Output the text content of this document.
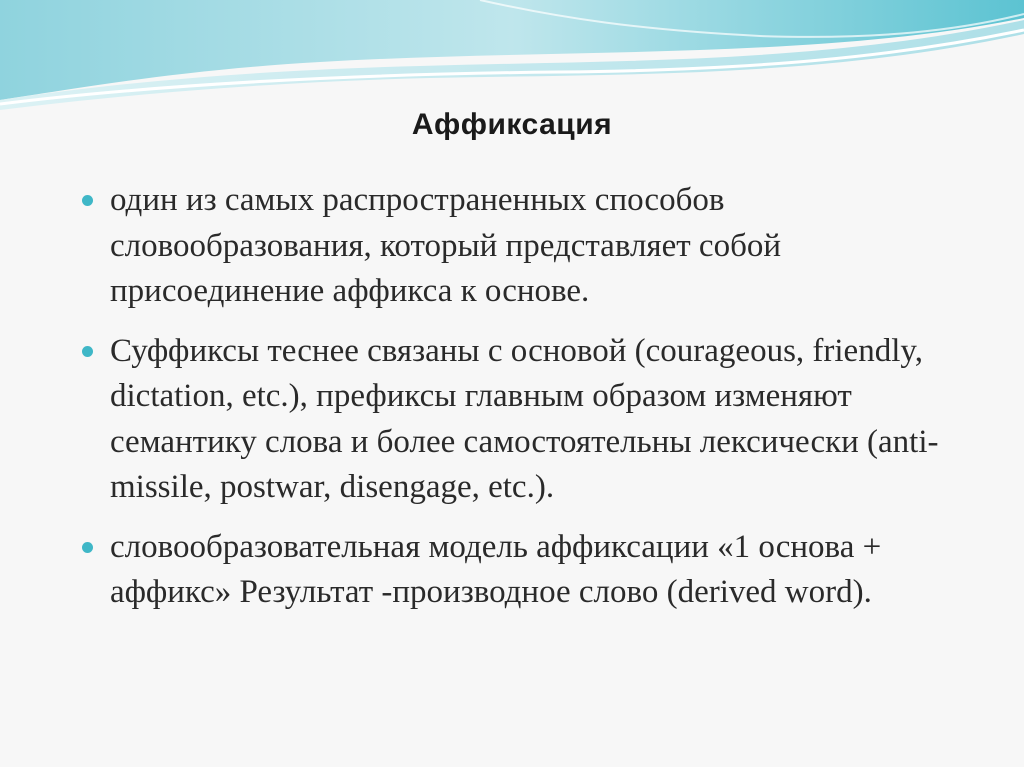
Аффиксация
один из самых распространенных способов словообразования, который представляет собой присоединение аффикса к основе.
Суффиксы теснее связаны с основой (courageous, friendly, dictation, etc.), префиксы главным образом изменяют семантику слова и более самостоятельны лексически (anti-missile, postwar, disengage, etc.).
словообразовательная модель аффиксации «1 основа + аффикс» Результат -производное слово (derived word).
